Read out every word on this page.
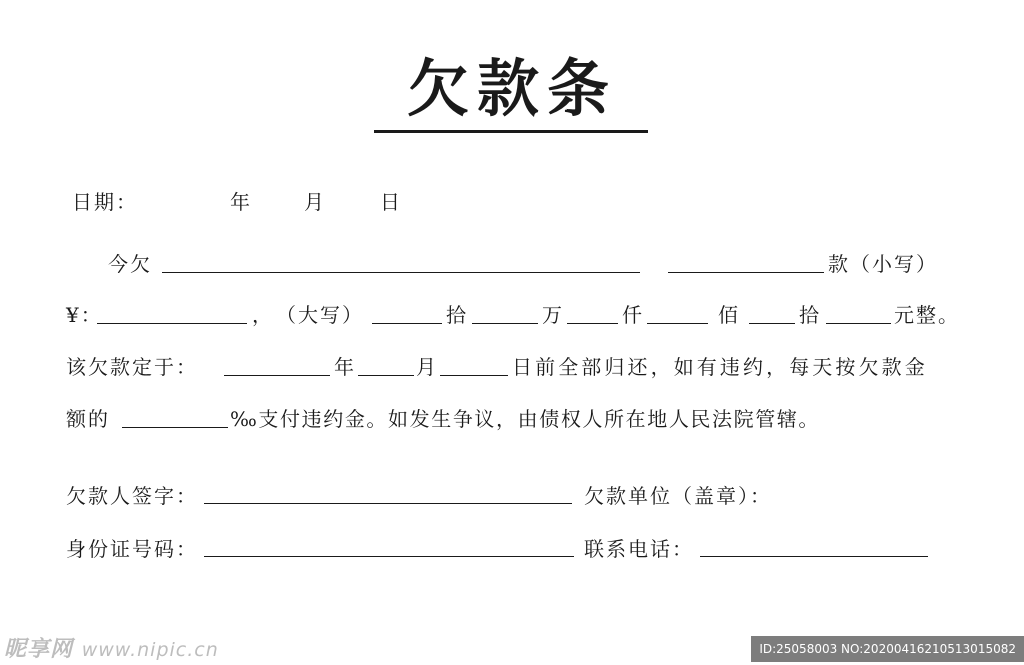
欠款条
日期：	年	月	日
今欠	款（小写）
¥：	， （大写）	拾	万	仟	佰	拾	元整。
该欠款定于：	年	月	日前全部归还，如有违约，每天按欠款金
额的	‰支付违约金。如发生争议，由债权人所在地人民法院管辖。
欠款人签字：	欠款单位（盖章）：
身份证号码：	联系电话：
昵享网 www.nipic.cn	ID:25058003 NO:20200416210513015082
